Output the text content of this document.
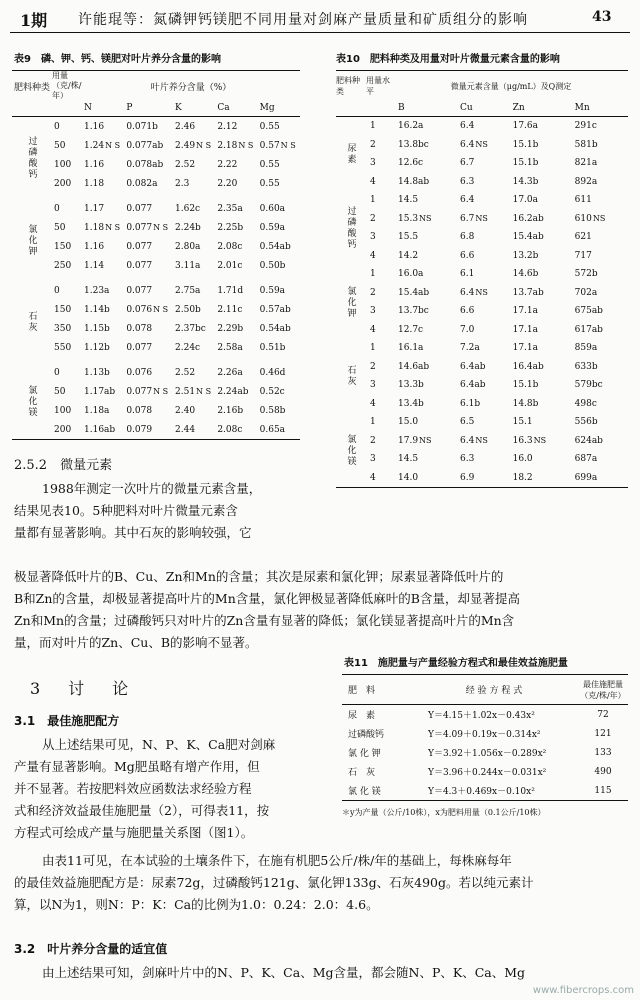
1期 许能琨等：氮磷钾钙镁肥不同用量对剑麻产量质量和矿质组分的影响	43
表9　磷、钾、钙、镁肥对叶片养分含量的影响
肥料种类	用量（克/株/年）	叶片养分含量（%）				
		N	P	K	Ca	Mg
过磷酸钙	0	1.16	0.071b	2.46	2.12	0.55
	50	1.24N S	0.077ab	2.49N S	2.18N S	0.57N S
	100	1.16	0.078ab	2.52	2.22	0.55
	200	1.18	0.082a	2.3	2.20	0.55
氯化钾	0	1.17	0.077	1.62c	2.35a	0.60a
	50	1.18N S	0.077N S	2.24b	2.25b	0.59a
	150	1.16	0.077	2.80a	2.08c	0.54ab
	250	1.14	0.077	3.11a	2.01c	0.50b
石灰	0	1.23a	0.077	2.75a	1.71d	0.59a
	150	1.14b	0.076N S	2.50b	2.11c	0.57ab
	350	1.15b	0.078	2.37bc	2.29b	0.54ab
	550	1.12b	0.077	2.24c	2.58a	0.51b
氯化镁	0	1.13b	0.076	2.52	2.26a	0.46d
	50	1.17ab	0.077N S	2.51N S	2.24ab	0.52c
	100	1.18a	0.078	2.40	2.16b	0.58b
	200	1.16ab	0.079	2.44	2.08c	0.65a
表10　肥料种类及用量对叶片微量元素含量的影响
肥料种类	用量水平	微量元素含量（μg/mL）及Q测定			
		B	Cu	Zn	Mn
尿素	1	16.2a	6.4	17.6a	291c
	2	13.8bc	6.4NS	15.1b	581b
	3	12.6c	6.7	15.1b	821a
	4	14.8ab	6.3	14.3b	892a
过磷酸钙	1	14.5	6.4	17.0a	611
	2	15.3NS	6.7NS	16.2ab	610NS
	3	15.5	6.8	15.4ab	621
	4	14.2	6.6	13.2b	717
氯化钾	1	16.0a	6.1	14.6b	572b
	2	15.4ab	6.4NS	13.7ab	702a
	3	13.7bc	6.6	17.1a	675ab
	4	12.7c	7.0	17.1a	617ab
石灰	1	16.1a	7.2a	17.1a	859a
	2	14.6ab	6.4ab	16.4ab	633b
	3	13.3b	6.4ab	15.1b	579bc
	4	13.4b	6.1b	14.8b	498c
氯化镁	1	15.0	6.5	15.1	556b
	2	17.9NS	6.4NS	16.3NS	624ab
	3	14.5	6.3	16.0	687a
	4	14.0	6.9	18.2	699a
2.5.2　微量元素
1988年测定一次叶片的微量元素含量，
结果见表10。5种肥料对叶片微量元素含
量都有显著影响。其中石灰的影响较强，它
极显著降低叶片的B、Cu、Zn和Mn的含量；其次是尿素和氯化钾；尿素显著降低叶片的
B和Zn的含量，却极显著提高叶片的Mn含量，氯化钾极显著降低麻叶的B含量，却显著提高
Zn和Mn的含量；过磷酸钙只对叶片的Zn含量有显著的降低；氯化镁显著提高叶片的Mn含
量，而对叶片的Zn、Cu、B的影响不显著。
3　讨　论
3.1　最佳施肥配方
从上述结果可见，N、P、K、Ca肥对剑麻
产量有显著影响。Mg肥虽略有增产作用，但
并不显著。若按肥料效应函数法求经验方程
式和经济效益最佳施肥量（2），可得表11，按
方程式可绘成产量与施肥量关系图（图1）。
表11　施肥量与产量经验方程式和最佳效益施肥量
肥　料	经 验 方 程 式	最佳施肥量（克/株/年）
尿　素	Y＝4.15＋1.02x－0.43x²	72
过磷酸钙	Y＝4.09＋0.19x－0.314x²	121
氯 化 钾	Y＝3.92＋1.056x－0.289x²	133
石　灰	Y＝3.96＋0.244x－0.031x²	490
氯 化 镁	Y＝4.3＋0.469x－0.10x²	115
＊y为产量（公斤/10株），x为肥料用量（0.1公斤/10株）
由表11可见，在本试验的土壤条件下，在施有机肥5公斤/株/年的基础上，每株麻每年
的最佳效益施肥配方是：尿素72g，过磷酸钙121g、氯化钾133g、石灰490g。若以纯元素计
算，以N为1，则N：P：K：Ca的比例为1.0：0.24：2.0：4.6。
3.2　叶片养分含量的适宜值
由上述结果可知，剑麻叶片中的N、P、K、Ca、Mg含量，都会随N、P、K、Ca、Mg
www.fibercrops.com
